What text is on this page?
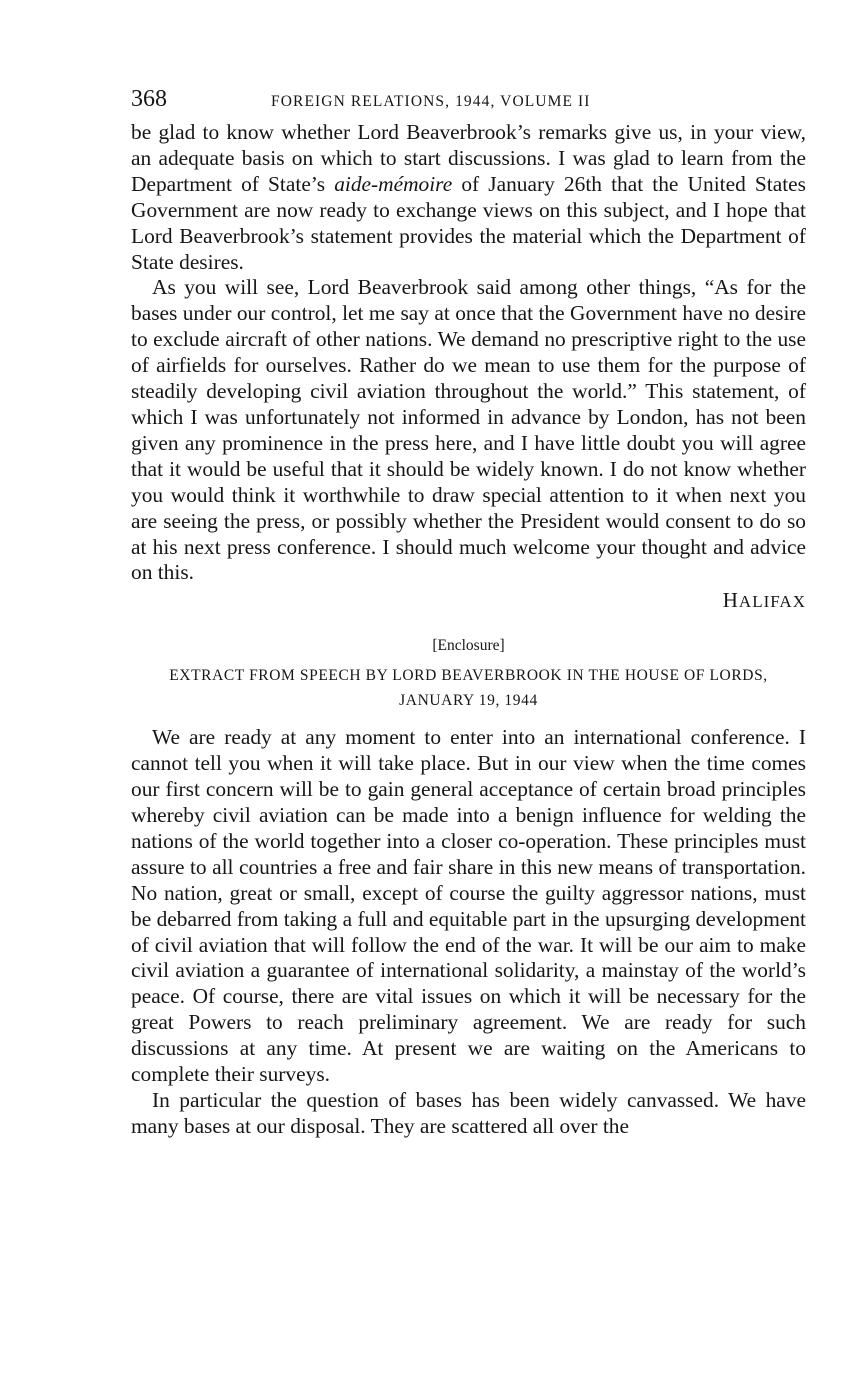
368	FOREIGN RELATIONS, 1944, VOLUME II

be glad to know whether Lord Beaverbrook’s remarks give us, in your view, an adequate basis on which to start discussions. I was glad to learn from the Department of State’s aide-mémoire of January 26th that the United States Government are now ready to exchange views on this subject, and I hope that Lord Beaverbrook’s statement provides the material which the Department of State desires.

As you will see, Lord Beaverbrook said among other things, “As for the bases under our control, let me say at once that the Government have no desire to exclude aircraft of other nations. We demand no prescriptive right to the use of airfields for ourselves. Rather do we mean to use them for the purpose of steadily developing civil aviation throughout the world.” This statement, of which I was unfortunately not informed in advance by London, has not been given any prominence in the press here, and I have little doubt you will agree that it would be useful that it should be widely known. I do not know whether you would think it worthwhile to draw special attention to it when next you are seeing the press, or possibly whether the President would consent to do so at his next press conference. I should much welcome your thought and advice on this.

HALIFAX
[Enclosure]
EXTRACT FROM SPEECH BY LORD BEAVERBROOK IN THE HOUSE OF LORDS,
JANUARY 19, 1944

We are ready at any moment to enter into an international conference. I cannot tell you when it will take place. But in our view when the time comes our first concern will be to gain general acceptance of certain broad principles whereby civil aviation can be made into a benign influence for welding the nations of the world together into a closer co-operation. These principles must assure to all countries a free and fair share in this new means of transportation. No nation, great or small, except of course the guilty aggressor nations, must be debarred from taking a full and equitable part in the upsurging development of civil aviation that will follow the end of the war. It will be our aim to make civil aviation a guarantee of international solidarity, a mainstay of the world’s peace. Of course, there are vital issues on which it will be necessary for the great Powers to reach preliminary agreement. We are ready for such discussions at any time. At present we are waiting on the Americans to complete their surveys.

In particular the question of bases has been widely canvassed. We have many bases at our disposal. They are scattered all over the
